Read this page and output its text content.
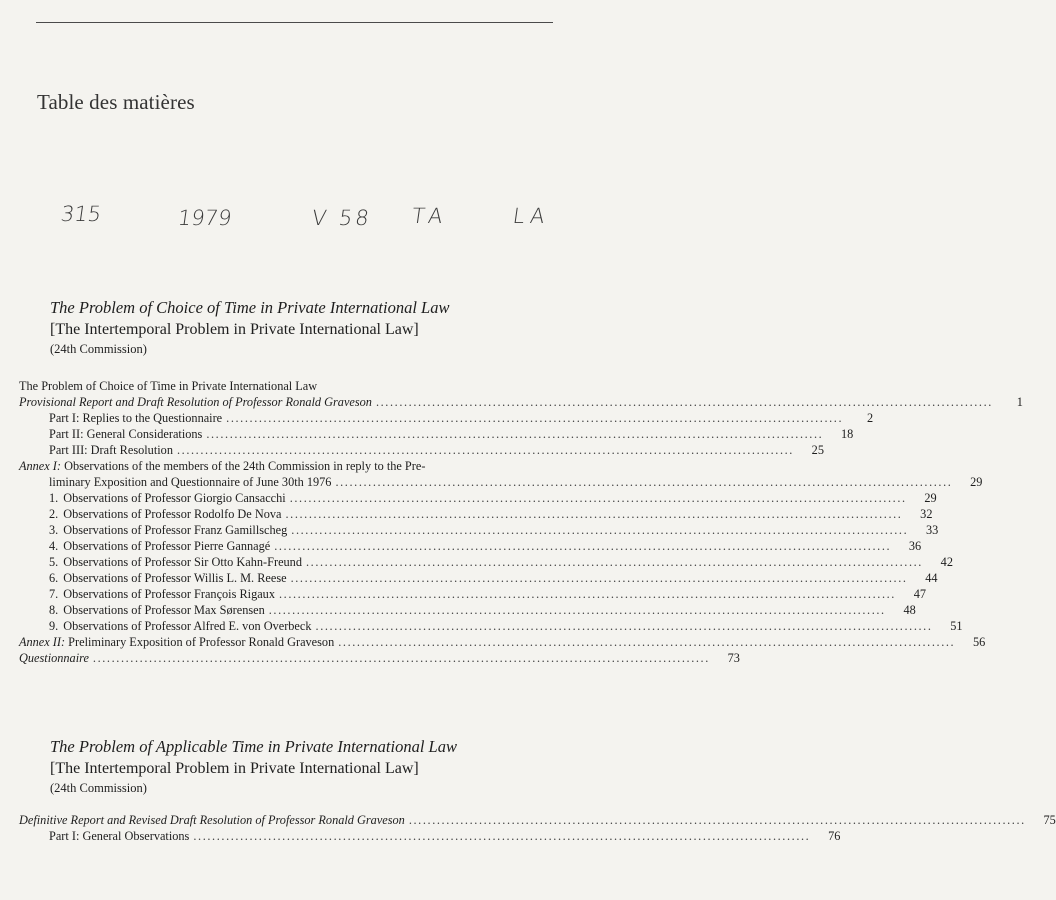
Table des matières
315	1979	V 58 TA	LA
The Problem of Choice of Time in Private International Law
[The Intertemporal Problem in Private International Law]
(24th Commission)
The Problem of Choice of Time in Private International Law
Provisional Report and Draft Resolution of Professor Ronald Graveson ....................................................................................................................................	1
Part I: Replies to the Questionnaire ....................................................................................................................................	2
Part II: General Considerations ....................................................................................................................................	18
Part III: Draft Resolution ....................................................................................................................................	25
Annex I: Observations of the members of the 24th Commission in reply to the Pre-
liminary Exposition and Questionnaire of June 30th 1976 ....................................................................................................................................	29
1. Observations of Professor Giorgio Cansacchi ....................................................................................................................................	29
2. Observations of Professor Rodolfo De Nova ....................................................................................................................................	32
3. Observations of Professor Franz Gamillscheg ....................................................................................................................................	33
4. Observations of Professor Pierre Gannagé ....................................................................................................................................	36
5. Observations of Professor Sir Otto Kahn-Freund ....................................................................................................................................	42
6. Observations of Professor Willis L. M. Reese ....................................................................................................................................	44
7. Observations of Professor François Rigaux ....................................................................................................................................	47
8. Observations of Professor Max Sørensen ....................................................................................................................................	48
9. Observations of Professor Alfred E. von Overbeck ....................................................................................................................................	51
Annex II: Preliminary Exposition of Professor Ronald Graveson ....................................................................................................................................	56
Questionnaire ....................................................................................................................................	73
The Problem of Applicable Time in Private International Law
[The Intertemporal Problem in Private International Law]
(24th Commission)
Definitive Report and Revised Draft Resolution of Professor Ronald Graveson ....................................................................................................................................	75
Part I: General Observations ....................................................................................................................................	76
